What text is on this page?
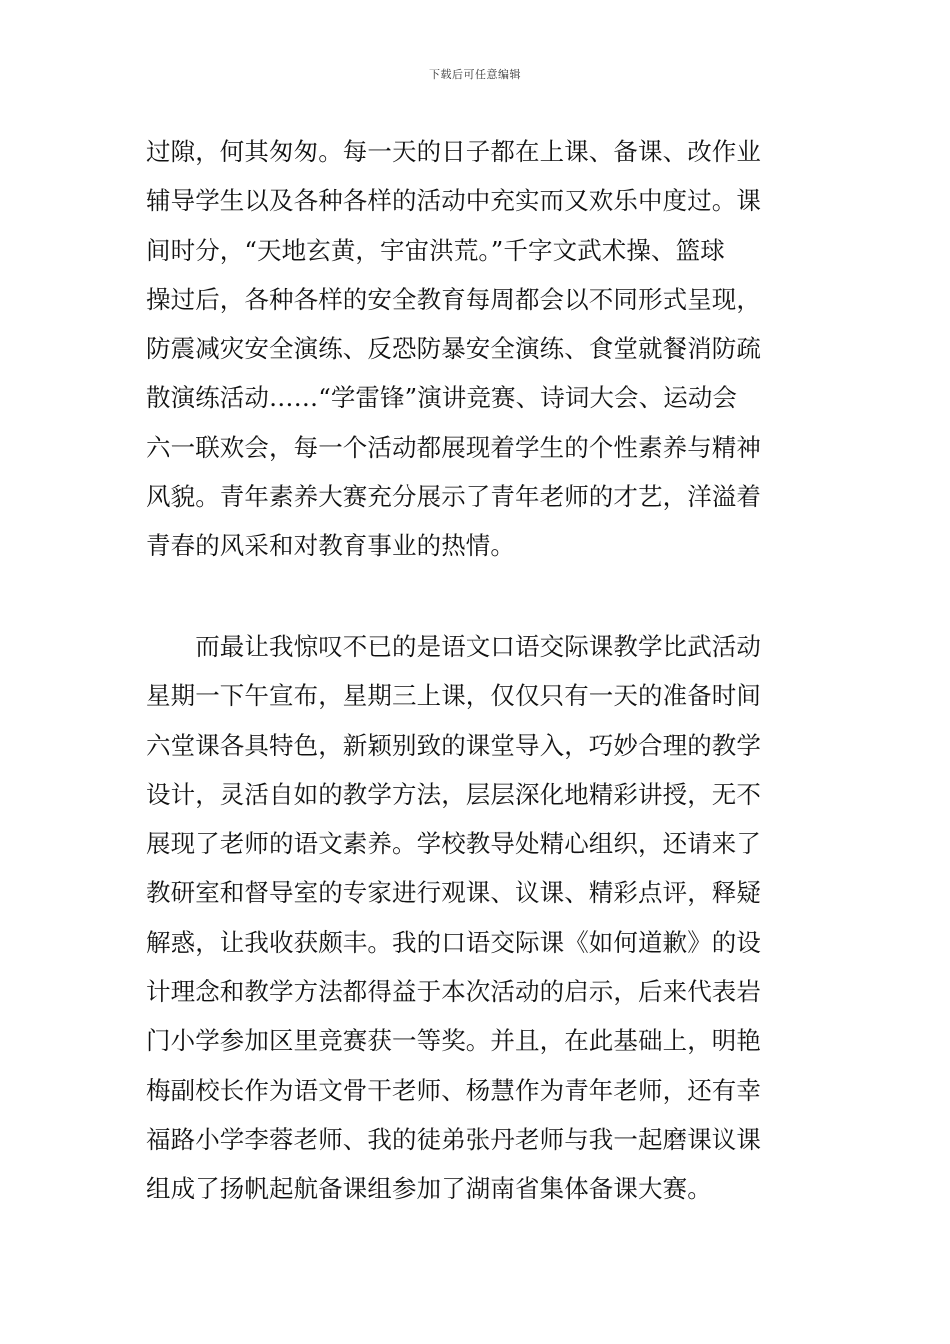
下载后可任意编辑
过隙，何其匆匆。每一天的日子都在上课、备课、改作业
辅导学生以及各种各样的活动中充实而又欢乐中度过。课
间时分，“天地玄黄，宇宙洪荒。”千字文武术操、篮球
操过后，各种各样的安全教育每周都会以不同形式呈现，
防震减灾安全演练、反恐防暴安全演练、食堂就餐消防疏
散演练活动……“学雷锋”演讲竞赛、诗词大会、运动会
六一联欢会，每一个活动都展现着学生的个性素养与精神
风貌。青年素养大赛充分展示了青年老师的才艺，洋溢着
青春的风采和对教育事业的热情。
　　而最让我惊叹不已的是语文口语交际课教学比武活动
星期一下午宣布，星期三上课，仅仅只有一天的准备时间
六堂课各具特色，新颖别致的课堂导入，巧妙合理的教学
设计，灵活自如的教学方法，层层深化地精彩讲授，无不
展现了老师的语文素养。学校教导处精心组织，还请来了
教研室和督导室的专家进行观课、议课、精彩点评，释疑
解惑，让我收获颇丰。我的口语交际课《如何道歉》的设
计理念和教学方法都得益于本次活动的启示，后来代表岩
门小学参加区里竞赛获一等奖。并且，在此基础上，明艳
梅副校长作为语文骨干老师、杨慧作为青年老师，还有幸
福路小学李蓉老师、我的徒弟张丹老师与我一起磨课议课
组成了扬帆起航备课组参加了湖南省集体备课大赛。
